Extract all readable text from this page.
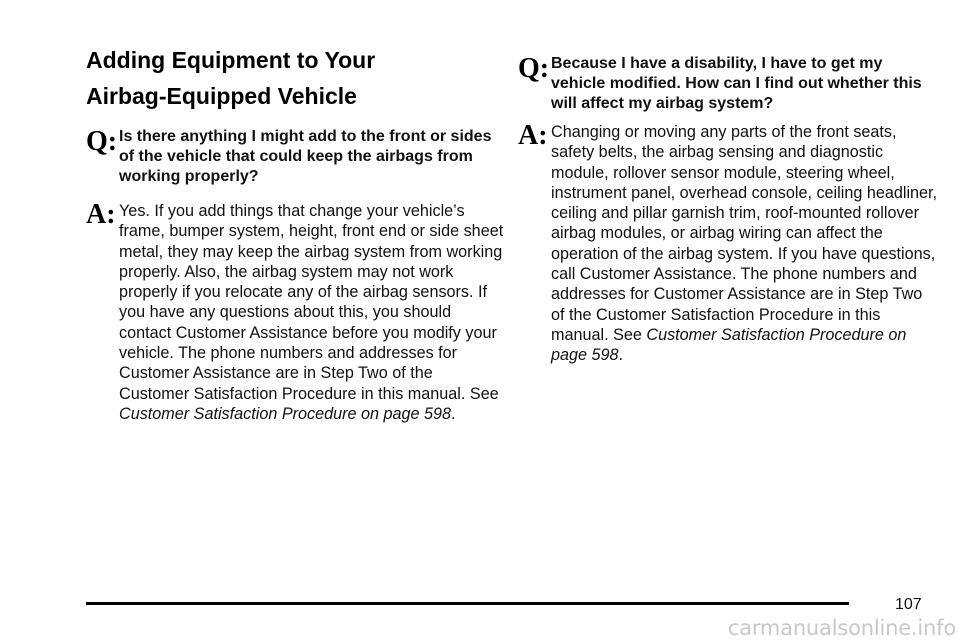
Adding Equipment to Your
Airbag-Equipped Vehicle
Q: Is there anything I might add to the front or sides of the vehicle that could keep the airbags from working properly?

A: Yes. If you add things that change your vehicle’s frame, bumper system, height, front end or side sheet metal, they may keep the airbag system from working properly. Also, the airbag system may not work properly if you relocate any of the airbag sensors. If you have any questions about this, you should contact Customer Assistance before you modify your vehicle. The phone numbers and addresses for Customer Assistance are in Step Two of the Customer Satisfaction Procedure in this manual. See Customer Satisfaction Procedure on page 598.

Q: Because I have a disability, I have to get my vehicle modified. How can I find out whether this will affect my airbag system?

A: Changing or moving any parts of the front seats, safety belts, the airbag sensing and diagnostic module, rollover sensor module, steering wheel, instrument panel, overhead console, ceiling headliner, ceiling and pillar garnish trim, roof-mounted rollover airbag modules, or airbag wiring can affect the operation of the airbag system. If you have questions, call Customer Assistance. The phone numbers and addresses for Customer Assistance are in Step Two of the Customer Satisfaction Procedure in this manual. See Customer Satisfaction Procedure on page 598.

107
carmanualsonline.info
